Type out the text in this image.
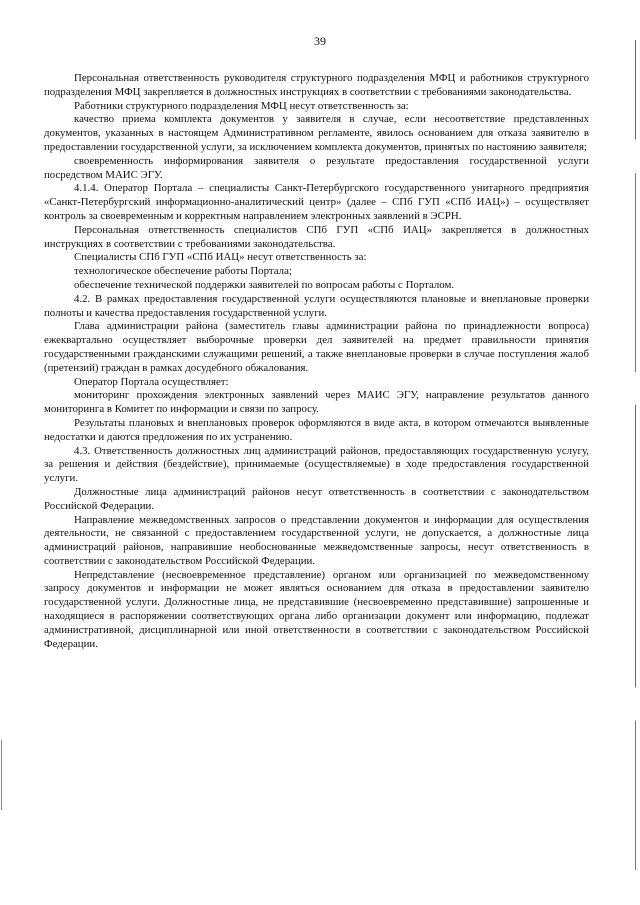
39

Персональная ответственность руководителя структурного подразделения МФЦ и работников структурного подразделения МФЦ закрепляется в должностных инструкциях в соответствии с требованиями законодательства.

Работники структурного подразделения МФЦ несут ответственность за:

качество приема комплекта документов у заявителя в случае, если несоответствие представленных документов, указанных в настоящем Административном регламенте, явилось основанием для отказа заявителю в предоставлении государственной услуги, за исключением комплекта документов, принятых по настоянию заявителя;

своевременность информирования заявителя о результате предоставления государственной услуги посредством МАИС ЭГУ.

4.1.4. Оператор Портала – специалисты Санкт-Петербургского государственного унитарного предприятия «Санкт-Петербургский информационно-аналитический центр» (далее – СПб ГУП «СПб ИАЦ») – осуществляет контроль за своевременным и корректным направлением электронных заявлений в ЭСРН.

Персональная ответственность специалистов СПб ГУП «СПб ИАЦ» закрепляется в должностных инструкциях в соответствии с требованиями законодательства.

Специалисты СПб ГУП «СПб ИАЦ» несут ответственность за:

технологическое обеспечение работы Портала;

обеспечение технической поддержки заявителей по вопросам работы с Порталом.

4.2. В рамках предоставления государственной услуги осуществляются плановые и внеплановые проверки полноты и качества предоставления государственной услуги.

Глава администрации района (заместитель главы администрации района по принадлежности вопроса) ежеквартально осуществляет выборочные проверки дел заявителей на предмет правильности принятия государственными гражданскими служащими решений, а также внеплановые проверки в случае поступления жалоб (претензий) граждан в рамках досудебного обжалования.

Оператор Портала осуществляет:

мониторинг прохождения электронных заявлений через МАИС ЭГУ, направление результатов данного мониторинга в Комитет по информации и связи по запросу.

Результаты плановых и внеплановых проверок оформляются в виде акта, в котором отмечаются выявленные недостатки и даются предложения по их устранению.

4.3. Ответственность должностных лиц администраций районов, предоставляющих государственную услугу, за решения и действия (бездействие), принимаемые (осуществляемые) в ходе предоставления государственной услуги.

Должностные лица администраций районов несут ответственность в соответствии с законодательством Российской Федерации.

Направление межведомственных запросов о представлении документов и информации для осуществления деятельности, не связанной с предоставлением государственной услуги, не допускается, а должностные лица администраций районов, направившие необоснованные межведомственные запросы, несут ответственность в соответствии с законодательством Российской Федерации.

Непредставление (несвоевременное представление) органом или организацией по межведомственному запросу документов и информации не может являться основанием для отказа в предоставлении заявителю государственной услуги. Должностные лица, не представившие (несвоевременно представившие) запрошенные и находящиеся в распоряжении соответствующих органа либо организации документ или информацию, подлежат административной, дисциплинарной или иной ответственности в соответствии с законодательством Российской Федерации.
